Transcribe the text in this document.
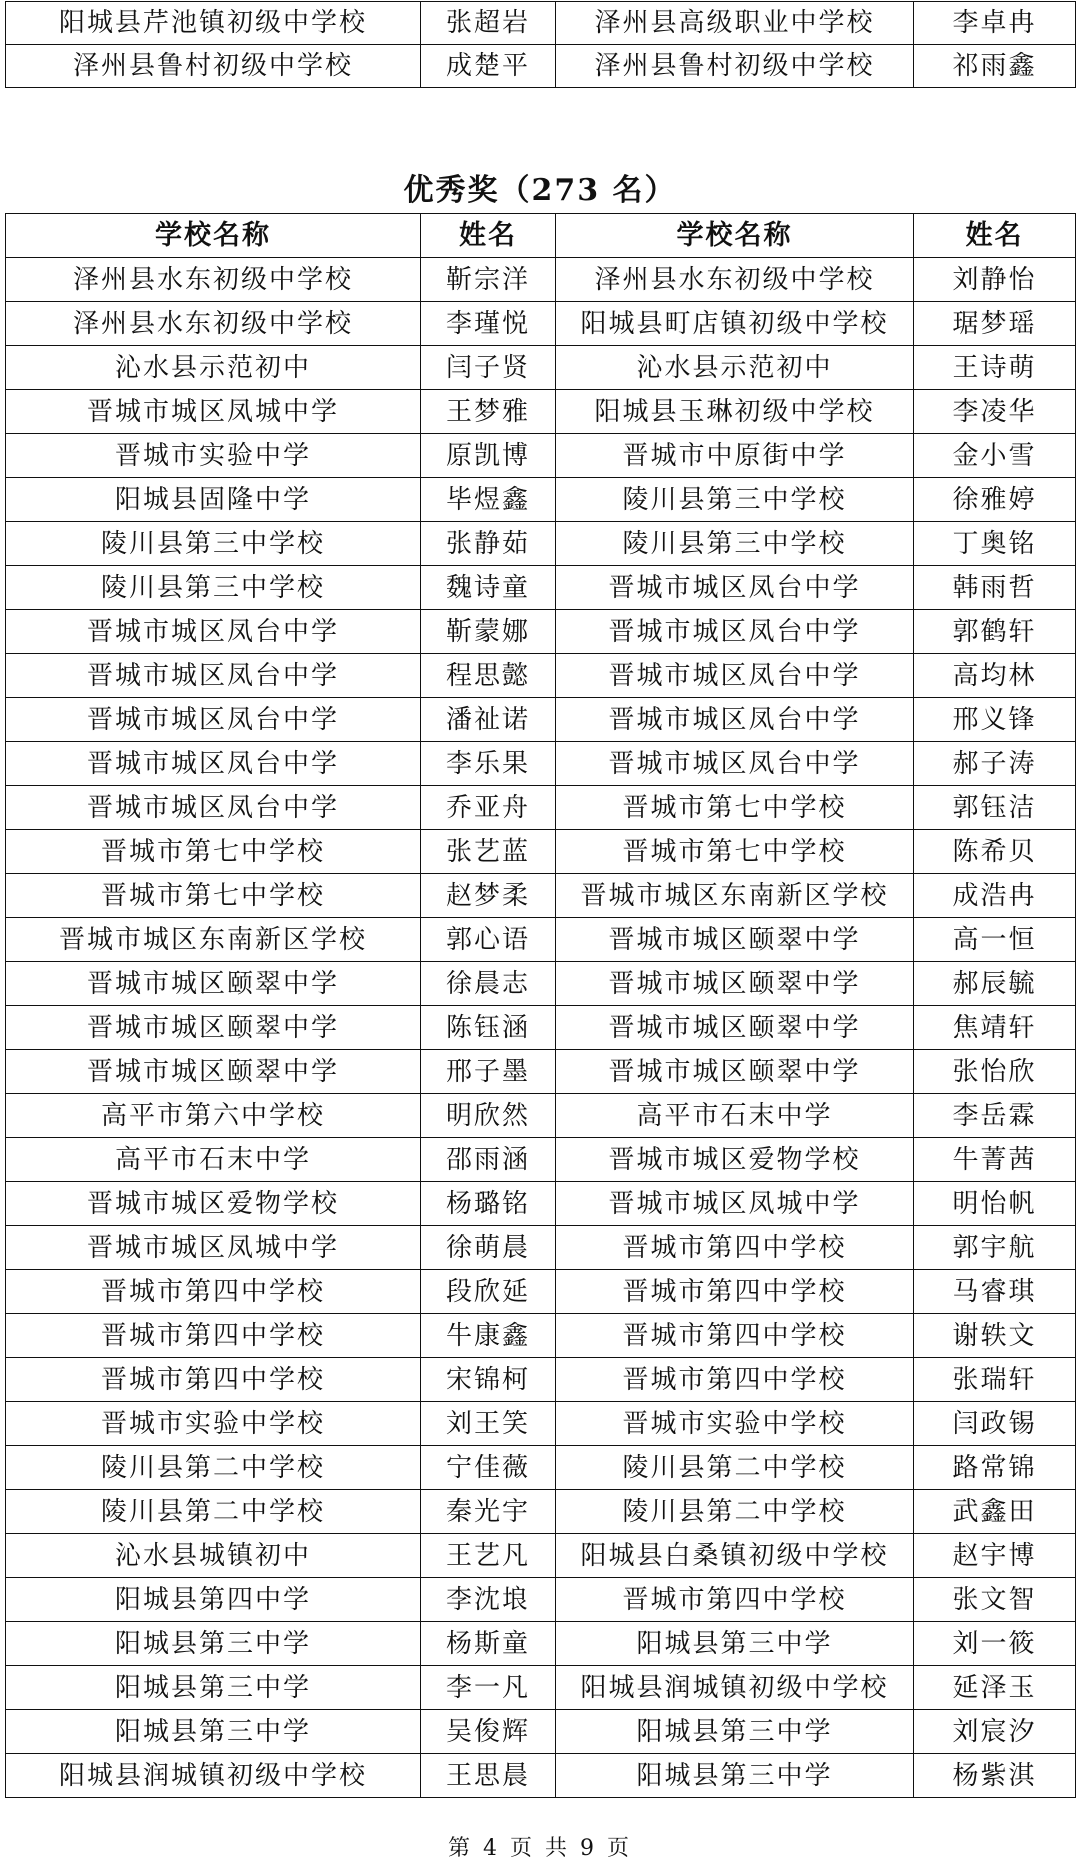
阳城县芹池镇初级中学校	张超岩	泽州县高级职业中学校	李卓冉
泽州县鲁村初级中学校	成楚平	泽州县鲁村初级中学校	祁雨鑫
优秀奖（273 名）
学校名称	姓名	学校名称	姓名
泽州县水东初级中学校	靳宗洋	泽州县水东初级中学校	刘静怡
泽州县水东初级中学校	李瑾悦	阳城县町店镇初级中学校	琚梦瑶
沁水县示范初中	闫子贤	沁水县示范初中	王诗萌
晋城市城区凤城中学	王梦雅	阳城县玉琳初级中学校	李凌华
晋城市实验中学	原凯博	晋城市中原街中学	金小雪
阳城县固隆中学	毕煜鑫	陵川县第三中学校	徐雅婷
陵川县第三中学校	张静茹	陵川县第三中学校	丁奥铭
陵川县第三中学校	魏诗童	晋城市城区凤台中学	韩雨哲
晋城市城区凤台中学	靳蒙娜	晋城市城区凤台中学	郭鹤轩
晋城市城区凤台中学	程思懿	晋城市城区凤台中学	高均林
晋城市城区凤台中学	潘祉诺	晋城市城区凤台中学	邢义锋
晋城市城区凤台中学	李乐果	晋城市城区凤台中学	郝子涛
晋城市城区凤台中学	乔亚舟	晋城市第七中学校	郭钰洁
晋城市第七中学校	张艺蓝	晋城市第七中学校	陈希贝
晋城市第七中学校	赵梦柔	晋城市城区东南新区学校	成浩冉
晋城市城区东南新区学校	郭心语	晋城市城区颐翠中学	高一恒
晋城市城区颐翠中学	徐晨志	晋城市城区颐翠中学	郝辰毓
晋城市城区颐翠中学	陈钰涵	晋城市城区颐翠中学	焦靖轩
晋城市城区颐翠中学	邢子墨	晋城市城区颐翠中学	张怡欣
高平市第六中学校	明欣然	高平市石末中学	李岳霖
高平市石末中学	邵雨涵	晋城市城区爱物学校	牛菁茜
晋城市城区爱物学校	杨璐铭	晋城市城区凤城中学	明怡帆
晋城市城区凤城中学	徐萌晨	晋城市第四中学校	郭宇航
晋城市第四中学校	段欣延	晋城市第四中学校	马睿琪
晋城市第四中学校	牛康鑫	晋城市第四中学校	谢轶文
晋城市第四中学校	宋锦柯	晋城市第四中学校	张瑞轩
晋城市实验中学校	刘王笑	晋城市实验中学校	闫政锡
陵川县第二中学校	宁佳薇	陵川县第二中学校	路常锦
陵川县第二中学校	秦光宇	陵川县第二中学校	武鑫田
沁水县城镇初中	王艺凡	阳城县白桑镇初级中学校	赵宇博
阳城县第四中学	李沈埌	晋城市第四中学校	张文智
阳城县第三中学	杨斯童	阳城县第三中学	刘一筱
阳城县第三中学	李一凡	阳城县润城镇初级中学校	延泽玉
阳城县第三中学	吴俊辉	阳城县第三中学	刘宸汐
阳城县润城镇初级中学校	王思晨	阳城县第三中学	杨紫淇
第 4 页 共 9 页
